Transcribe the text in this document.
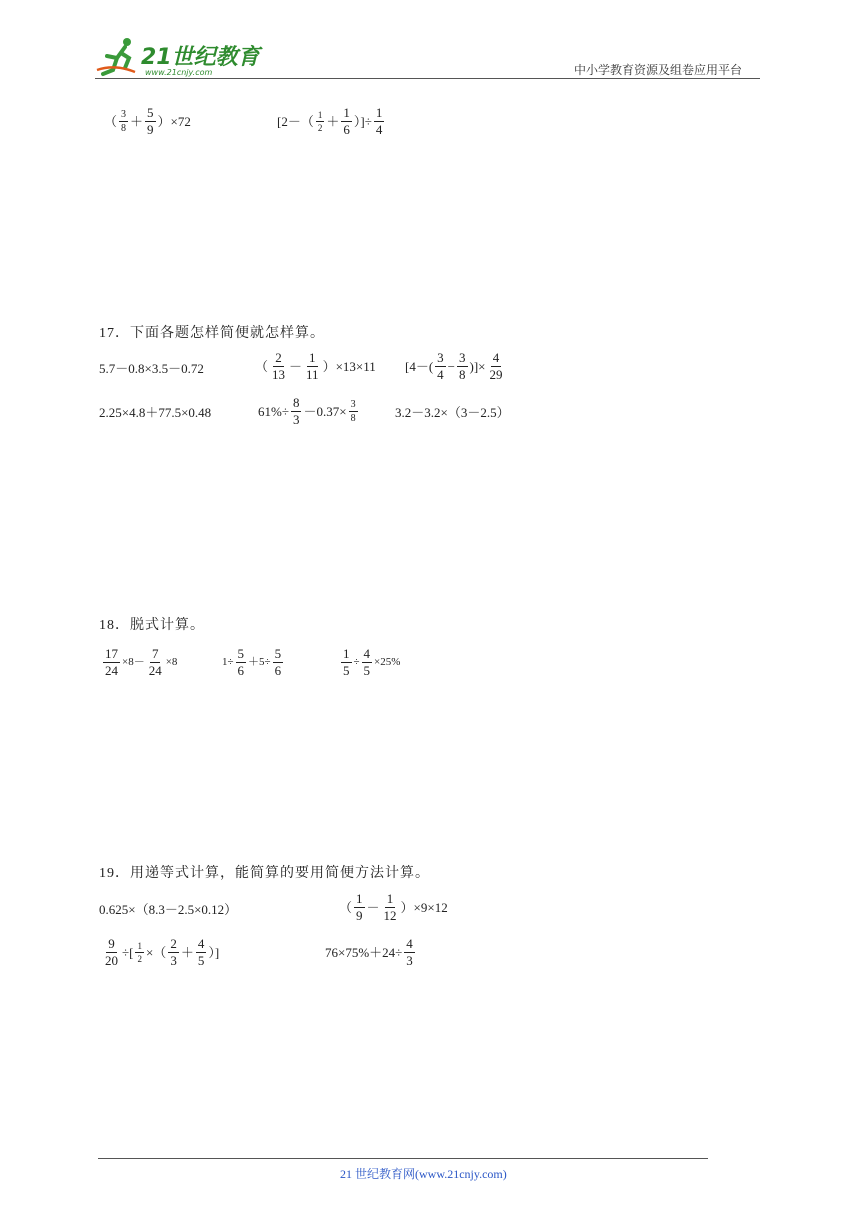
21世纪教育
www.21cnjy.com	中小学教育资源及组卷应用平台
（ $\frac{3}{8} + \frac{5}{9}$ ） ×72	[$2-( \frac{1}{2} + \frac{1}{6}$ ）]÷ $\frac{1}{4}$
17．下面各题怎样简便就怎样算。
5.7－0.8×3.5－0.72	（ $\frac{2}{13} - \frac{1}{11} )\times 13\times 11$ [$4-( \frac{3}{4} - \frac{3}{8}$ )]× $\frac{4}{29}$
2.25×4.8＋77.5×0.48	$61\%\div \frac{8}{3} -0.37\times \frac{3}{8}$	3.2－3.2×（3－2.5）
18．脱式计算。
$\frac{17}{24} \times 8- \frac{7}{24} \times 8$	$1\div \frac{5}{6} +5\div \frac{5}{6}$	$\frac{1}{5} \div \frac{4}{5} \times 25\%$
19．用递等式计算，能简算的要用简便方法计算。
0.625×（8.3－2.5×0.12）	（ $\frac{1}{9} - \frac{1}{12} )\times 9\times 12$
$\frac{9}{20}$ ÷[ $\frac{1}{2}$ ×（ $\frac{2}{3} + \frac{4}{5}$ ）]	$76\times 75\%+24\div \frac{4}{3}$
21 世纪教育网(www.21cnjy.com)
